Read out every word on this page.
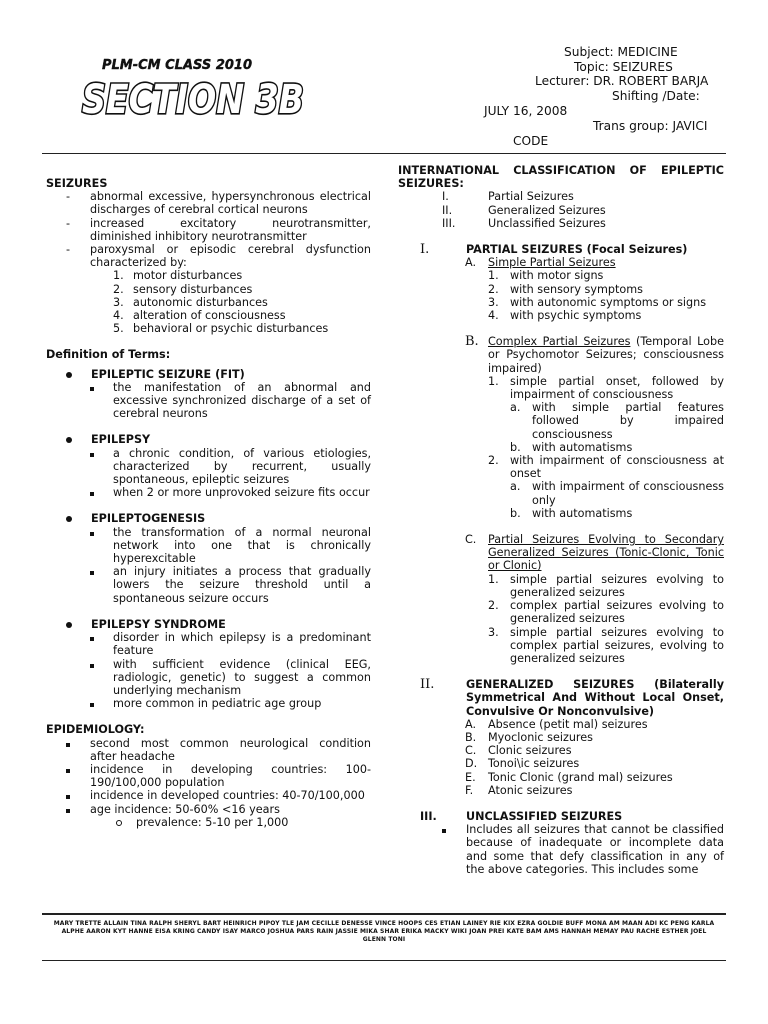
PLM-CM CLASS 2010
SECTION 3B
Subject: MEDICINE
Topic: SEIZURES
Lecturer: DR. ROBERT BARJA
Shifting /Date:
JULY 16, 2008
Trans group: JAVICI
CODE
SEIZURES
-	abnormal excessive, hypersynchronous electrical discharges of cerebral cortical neurons
-	increased excitatory neurotransmitter, diminished inhibitory neurotransmitter
-	paroxysmal or episodic cerebral dysfunction characterized by:
1. motor disturbances
2. sensory disturbances
3. autonomic disturbances
4. alteration of consciousness
5. behavioral or psychic disturbances
Definition of Terms:
EPILEPTIC SEIZURE (FIT)
the manifestation of an abnormal and excessive synchronized discharge of a set of cerebral neurons
EPILEPSY
a chronic condition, of various etiologies, characterized by recurrent, usually spontaneous, epileptic seizures
when 2 or more unprovoked seizure fits occur
EPILEPTOGENESIS
the transformation of a normal neuronal network into one that is chronically hyperexcitable
an injury initiates a process that gradually lowers the seizure threshold until a spontaneous seizure occurs
EPILEPSY SYNDROME
disorder in which epilepsy is a predominant feature
with sufficient evidence (clinical EEG, radiologic, genetic) to suggest a common underlying mechanism
more common in pediatric age group
EPIDEMIOLOGY:
second most common neurological condition after headache
incidence in developing countries: 100-190/100,000 population
incidence in developed countries: 40-70/100,000
age incidence: 50-60% <16 years
prevalence: 5-10 per 1,000
INTERNATIONAL CLASSIFICATION OF EPILEPTIC SEIZURES:
I.	Partial Seizures
II.	Generalized Seizures
III.	Unclassified Seizures
I.	PARTIAL SEIZURES (Focal Seizures)
A.	Simple Partial Seizures
1.	with motor signs
2.	with sensory symptoms
3.	with autonomic symptoms or signs
4.	with psychic symptoms
B. Complex Partial Seizures (Temporal Lobe or Psychomotor Seizures; consciousness impaired)
1.	simple partial onset, followed by impairment of consciousness
a.	with simple partial features followed by impaired consciousness
b.	with automatisms
2.	with impairment of consciousness at onset
a.	with impairment of consciousness only
b.	with automatisms
C.	Partial Seizures Evolving to Secondary Generalized Seizures (Tonic-Clonic, Tonic or Clonic)
1.	simple partial seizures evolving to generalized seizures
2.	complex partial seizures evolving to generalized seizures
3.	simple partial seizures evolving to complex partial seizures, evolving to generalized seizures
II.	GENERALIZED SEIZURES (Bilaterally Symmetrical And Without Local Onset, Convulsive Or Nonconvulsive)
A.	Absence (petit mal) seizures
B.	Myoclonic seizures
C.	Clonic seizures
D. Tonoi\ic seizures
E.	Tonic Clonic (grand mal) seizures
F.	Atonic seizures
III.	UNCLASSIFIED SEIZURES
Includes all seizures that cannot be classified because of inadequate or incomplete data and some that defy classification in any of the above categories. This includes some
MARY TRETTE ALLAIN TINA RALPH SHERYL BART HEINRICH PIPOY TLE JAM CECILLE DENESSE VINCE HOOPS CES ETIAN LAINEY RIE KIX EZRA GOLDIE BUFF MONA AM MAAN ADI KC PENG KARLA ALPHE AARON KYT HANNE EISA KRING CANDY ISAY MARCO JOSHUA PARS RAIN JASSIE MIKA SHAR ERIKA MACKY WIKI JOAN PREI KATE BAM AMS HANNAH MEMAY PAU RACHE ESTHER JOEL GLENN TONI
